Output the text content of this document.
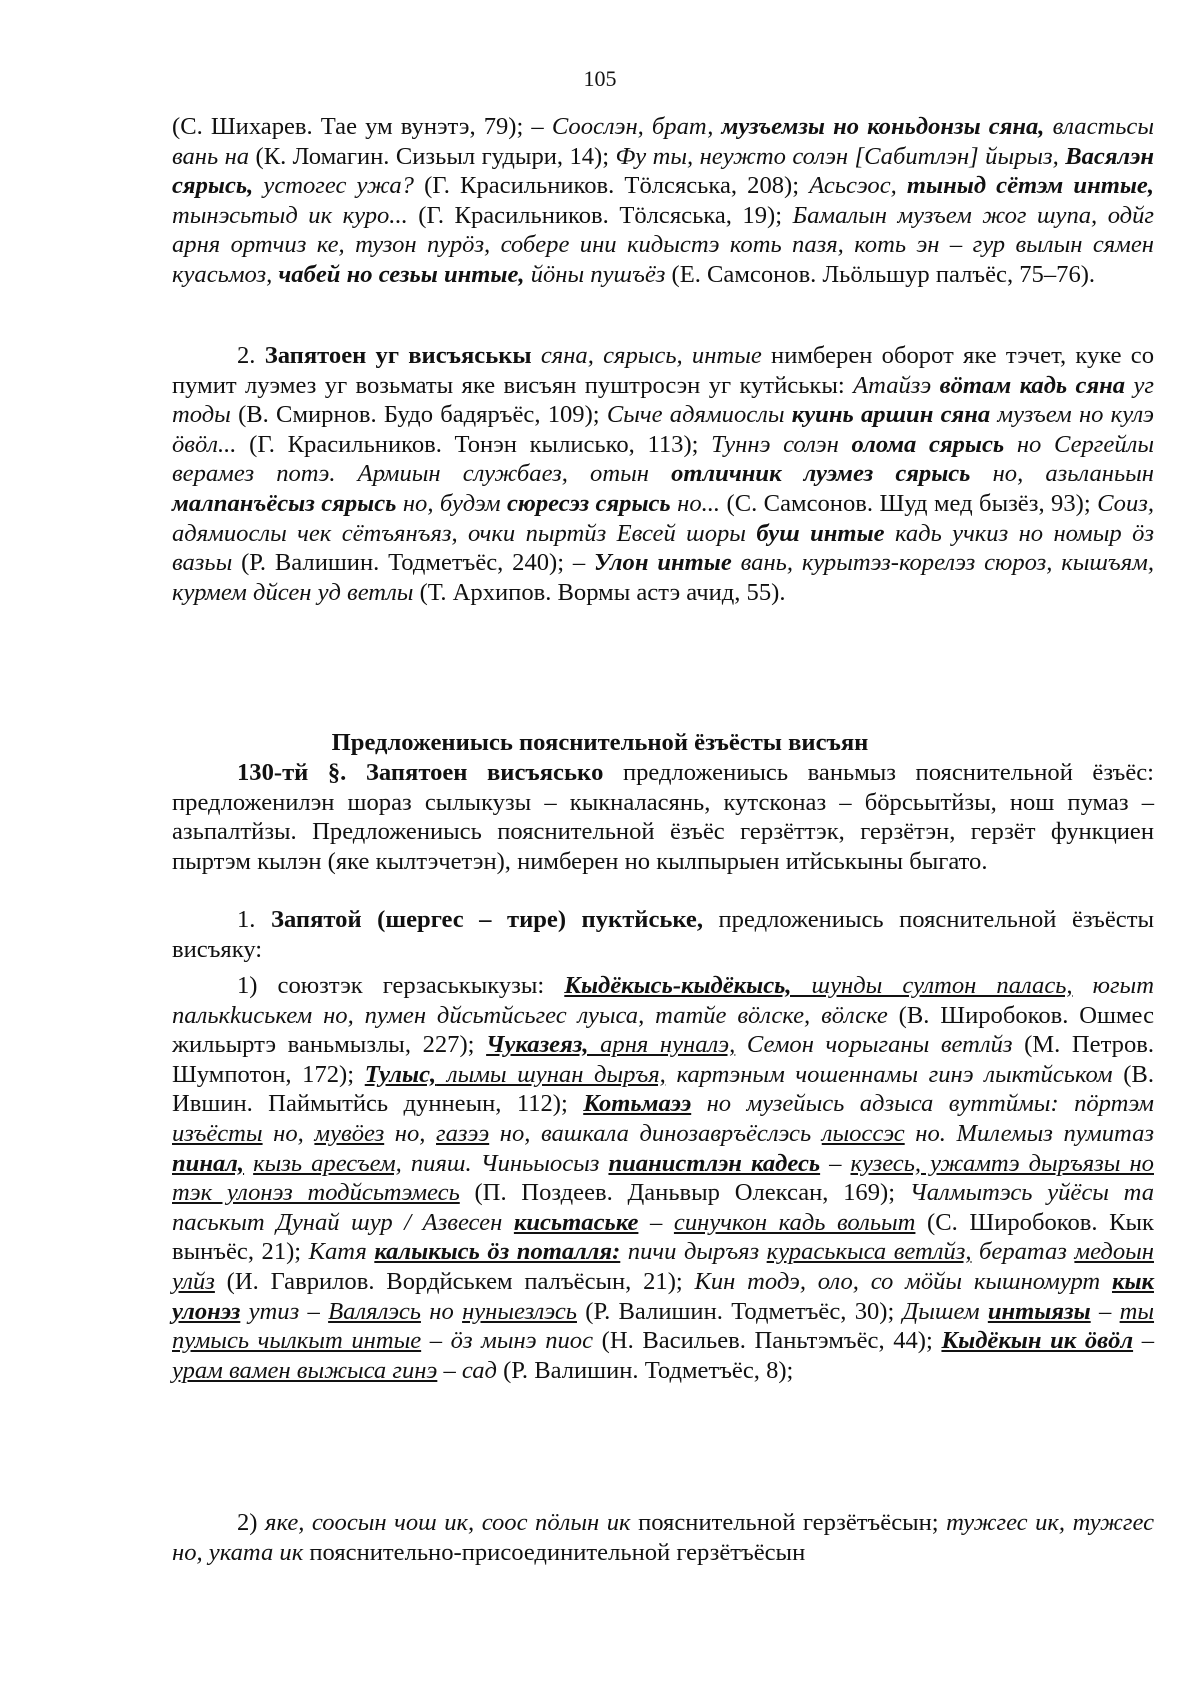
105

(С. Шихарев. Тае ум вунэтэ, 79); – Сооcлэн, брат, музъемзы но коньдонзы сяна, властьсы вань на (К. Ломагин. Сизьыл гудыри, 14); Фу ты, неужто солэн [Сабитлэн] йырыз, Васялэн сярысь, устогес ужа? (Г. Красильников. Тöлсяська, 208); Асьсэос, тыныд сётэм интые, тынэсьтыд ик куро... (Г. Красильников. Тöлсяська, 19); Бамалын музъем жог шупа, одйг арня ортчиз ке, тузон пурöз, собере ини кидыстэ коть пазя, коть эн – гур вылын сямен куасьмоз, чабей но сезьы интые, йöны пушъёз (Е. Самсонов. Льöльшур палъёс, 75–76).

2. Запятоен уг висъяськы сяна, сярысь, интые нимберен оборот яке тэчет, куке со пумит луэмез уг возьматы яке висъян пуштросэн уг кутйськы: Атайзэ вöтам кадь сяна уг тоды (В. Смирнов. Будо бадяръёс, 109); Сыче адямиослы куинь аршин сяна музъем но кулэ öвöл... (Г. Красильников. Тонэн кылисько, 113); Туннэ солэн олома сярысь но Сергейлы верамез потэ. Армиын службаез, отын отличник луэмез сярысь но, азьланьын малпанъёсыз сярысь но, будэм сюресэз сярысь но... (С. Самсонов. Шуд мед бызёз, 93); Соиз, адямиослы чек сётъянъяз, очки пыртйз Евсей шоры буш интые кадь учкиз но номыр öз вазьы (Р. Валишин. Тодметъёс, 240); – Улон интые вань, курытэз-корелэз сюроз, кышъям, курмем дйсен уд ветлы (Т. Архипов. Вормы астэ ачид, 55).

Предложениысь пояснительной ёзъёсты висъян

130-тй §. Запятоен висъяськo предложениысь ваньмыз пояснительной ёзъёс: предложенилэн шораз сылыкузы – кыкналасянь, кутсконаз – бöрсьытйзы, нош пумаз – азьпалтйзы. Предложениысь пояснительной ёзъёс герзёттэк, герзётэн, герзёт функциен пыртэм кылэн (яке кылтэчетэн), нимберен но кылпырыен итйськыны быгато.

1. Запятой (шергес – тире) пуктйське, предложениысь пояснительной ёзъёсты висъяку:

1) союзтэк герзаськыкузы: Кыдёкысь-кыдёкысь, шунды султон палась, югыт палькkиськем но, пумен дйсьтйсьгес луыса, татйе вöлске, вöлске (В. Широбоков. Ошмес жильыртэ ваньмызлы, 227); Чуказеяз, арня нуналэ, Семон чорыганы ветлйз (М. Петров. Шумпотон, 172); Тулыс, лымы шунан дыръя, картэным чошеннамы гинэ лыктйськом (В. Ившин. Паймытйсь дуннеын, 112); Котьмаээ но музейысь адзыса вуттймы: пöртэм изъёсты но, мувöез но, газээ но, вашкала динозавръёслэсь лыоссэс но. Милемыз пумитаз пинал, кызь аресъем, пияш. Чиньыосыз пианистлэн кадесь – кузесь, ужамтэ дыръязы но тэк улонэз тодйсьтэмесь (П. Поздеев. Даньвыр Олексан, 169); Чалмытэсь уйёсы та паськыт Дунай шур / Азвесен кисьтаське – синучкон кадь вольыт (С. Широбоков. Кык вынъёс, 21); Катя калыкысь öз поталля: пичи дыръяз кураськыса ветлйз, бератаз медоын улйз (И. Гаврилов. Вордйськем палъёсын, 21); Кин тодэ, оло, со мöйы кышномурт кык улонэз утиз – Валялэсь но нуныезлэсь (Р. Валишин. Тодметъёс, 30); Дышем интыязы – ты пумысь чылкыт интые – öз мынэ пиос (Н. Васильев. Паньтэмъёс, 44); Кыдёкын ик öвöл – урам вамен выжыса гинэ – сад (Р. Валишин. Тодметъёс, 8);

2) яке, соосын чош ик, соос пöлын ик пояснительной герзётъёсын; тужгес ик, тужгес но, уката ик пояснительно-присоединительной герзётъёсын
